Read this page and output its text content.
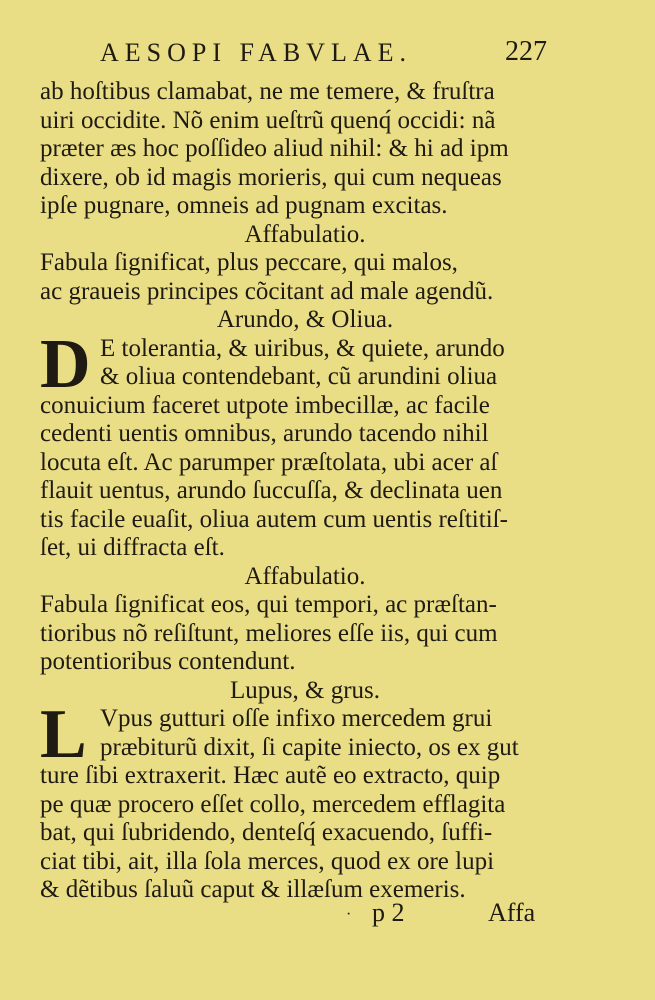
AESOPI FABVLAE.	227
ab hoſtibus clamabat, ne me temere, & fruſtra
uiri occidite. Nõ enim ueſtrũ quenq́ occidi: nã
præter æs hoc poſſideo aliud nihil: & hi ad ipm
dixere, ob id magis morieris, qui cum nequeas
ipſe pugnare, omneis ad pugnam excitas.
Affabulatio.
Fabula ſignificat, plus peccare, qui malos,
ac graueis principes cõcitant ad male agendũ.
Arundo, & Oliua.
D E tolerantia, & uiribus, & quiete, arundo
& oliua contendebant, cũ arundini oliua
conuicium faceret utpote imbecillæ, ac facile
cedenti uentis omnibus, arundo tacendo nihil
locuta eſt. Ac parumper præſtolata, ubi acer aſ
flauit uentus, arundo ſuccuſſa, & declinata uen
tis facile euaſit, oliua autem cum uentis reſtitiſ-
ſet, ui diffracta eſt.
Affabulatio.
Fabula ſignificat eos, qui tempori, ac præſtan-
tioribus nõ reſiſtunt, meliores eſſe iis, qui cum
potentioribus contendunt.
Lupus, & grus.
L Vpus gutturi oſſe infixo mercedem grui
præbiturũ dixit, ſi capite iniecto, os ex gut
ture ſibi extraxerit. Hæc autẽ eo extracto, quip
pe quæ procero eſſet collo, mercedem efflagita
bat, qui ſubridendo, denteſq́ exacuendo, ſuffi-
ciat tibi, ait, illa ſola merces, quod ex ore lupi
& dẽtibus ſaluũ caput & illæſum exemeris.
· p 2	Affa
